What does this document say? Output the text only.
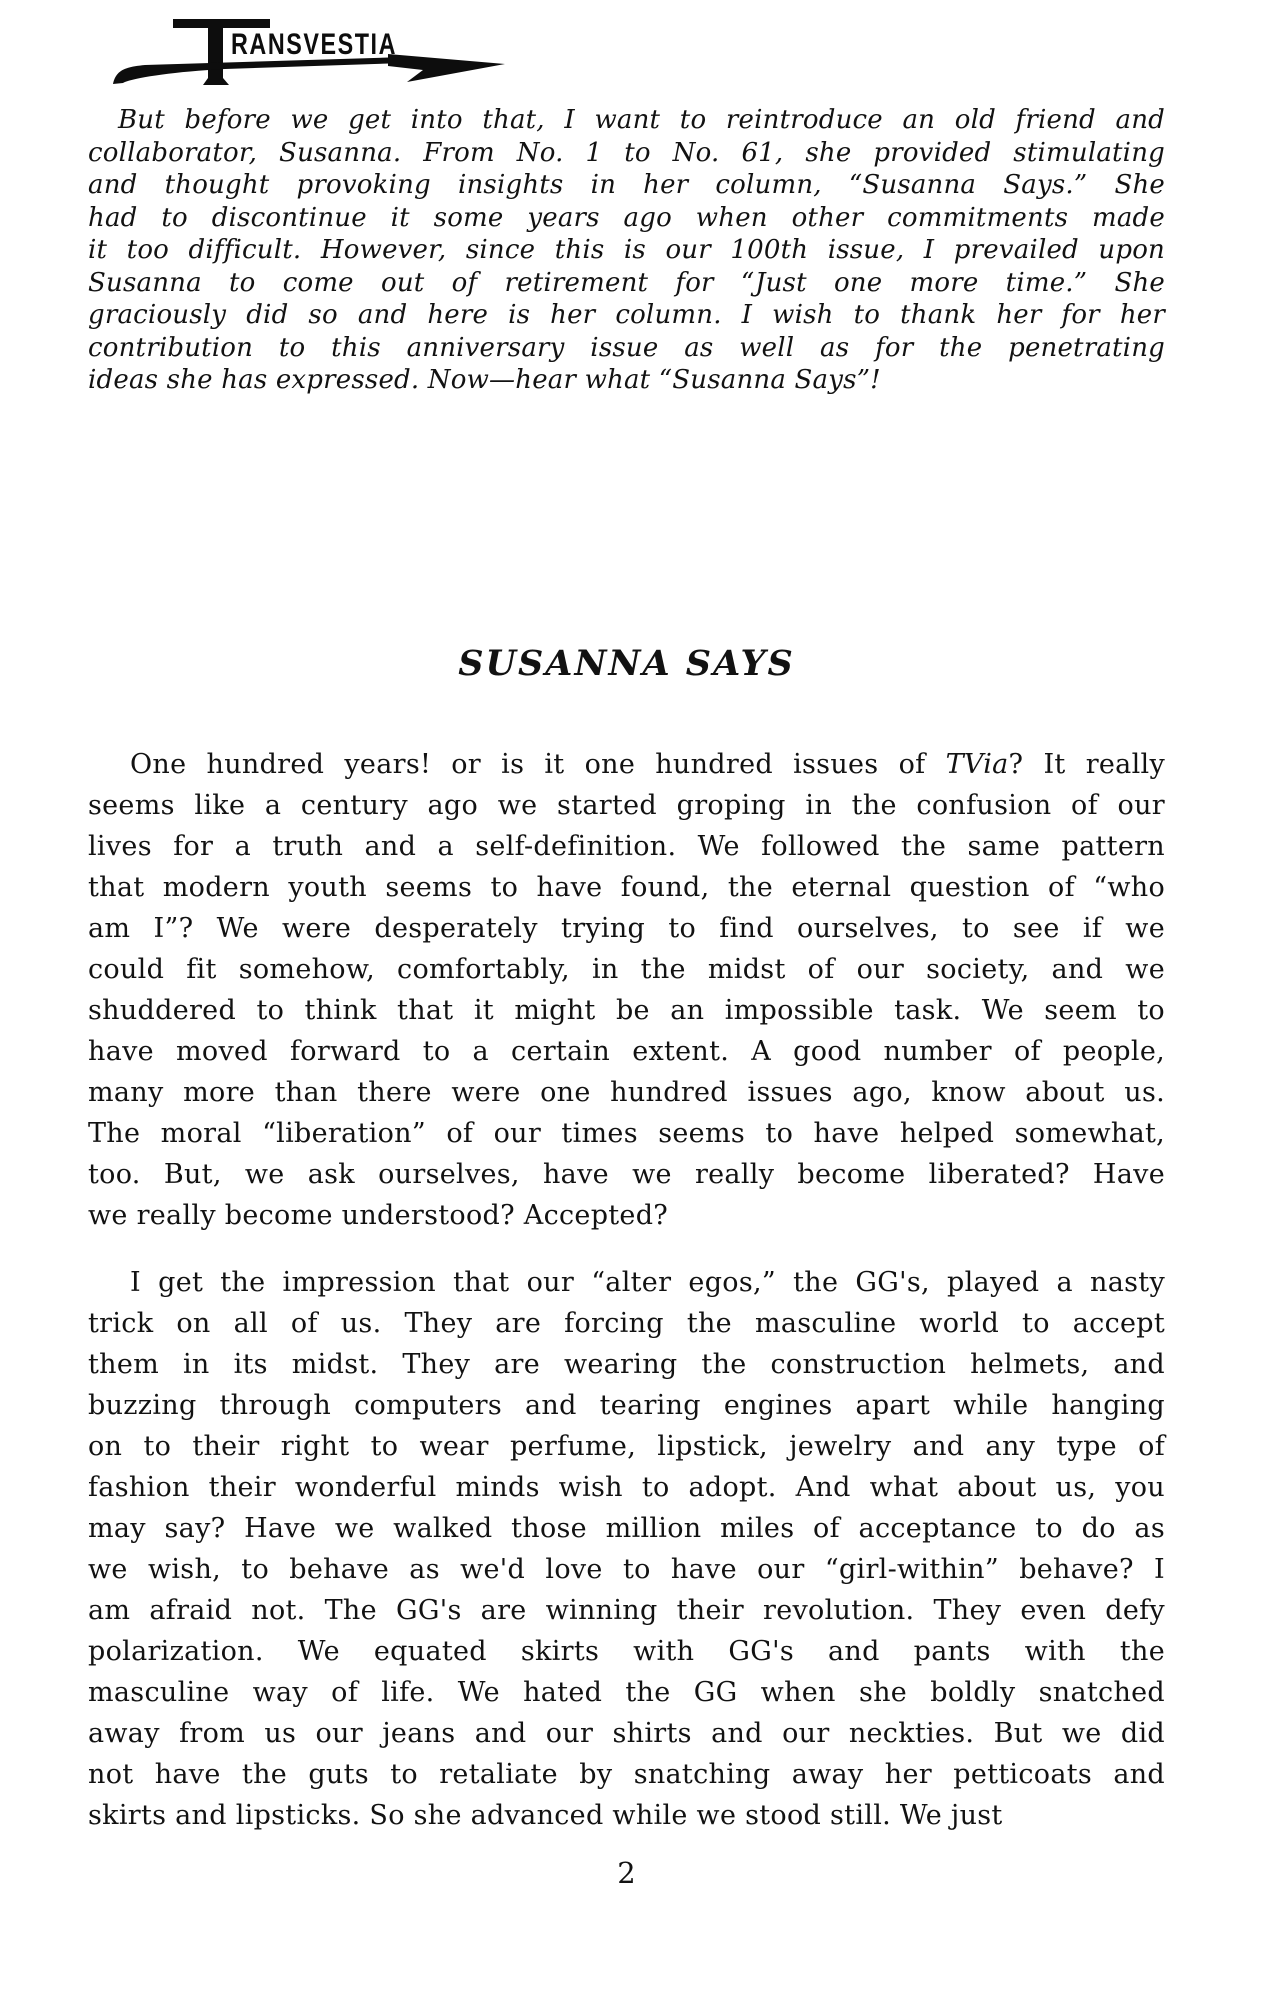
RANSVESTIA
But before we get into that, I want to reintroduce an old friend and
collaborator, Susanna. From No. 1 to No. 61, she provided stimulating
and thought provoking insights in her column, “Susanna Says.” She
had to discontinue it some years ago when other commitments made
it too difficult. However, since this is our 100th issue, I prevailed upon
Susanna to come out of retirement for “Just one more time.” She
graciously did so and here is her column. I wish to thank her for her
contribution to this anniversary issue as well as for the penetrating
ideas she has expressed. Now—hear what “Susanna Says”!
SUSANNA SAYS
One hundred years! or is it one hundred issues of TVia? It really
seems like a century ago we started groping in the confusion of our
lives for a truth and a self-definition. We followed the same pattern
that modern youth seems to have found, the eternal question of “who
am I”? We were desperately trying to find ourselves, to see if we
could fit somehow, comfortably, in the midst of our society, and we
shuddered to think that it might be an impossible task. We seem to
have moved forward to a certain extent. A good number of people,
many more than there were one hundred issues ago, know about us.
The moral “liberation” of our times seems to have helped somewhat,
too. But, we ask ourselves, have we really become liberated? Have
we really become understood? Accepted?
I get the impression that our “alter egos,” the GG's, played a nasty
trick on all of us. They are forcing the masculine world to accept
them in its midst. They are wearing the construction helmets, and
buzzing through computers and tearing engines apart while hanging
on to their right to wear perfume, lipstick, jewelry and any type of
fashion their wonderful minds wish to adopt. And what about us, you
may say? Have we walked those million miles of acceptance to do as
we wish, to behave as we'd love to have our “girl-within” behave? I
am afraid not. The GG's are winning their revolution. They even defy
polarization. We equated skirts with GG's and pants with the
masculine way of life. We hated the GG when she boldly snatched
away from us our jeans and our shirts and our neckties. But we did
not have the guts to retaliate by snatching away her petticoats and
skirts and lipsticks. So she advanced while we stood still. We just
2
